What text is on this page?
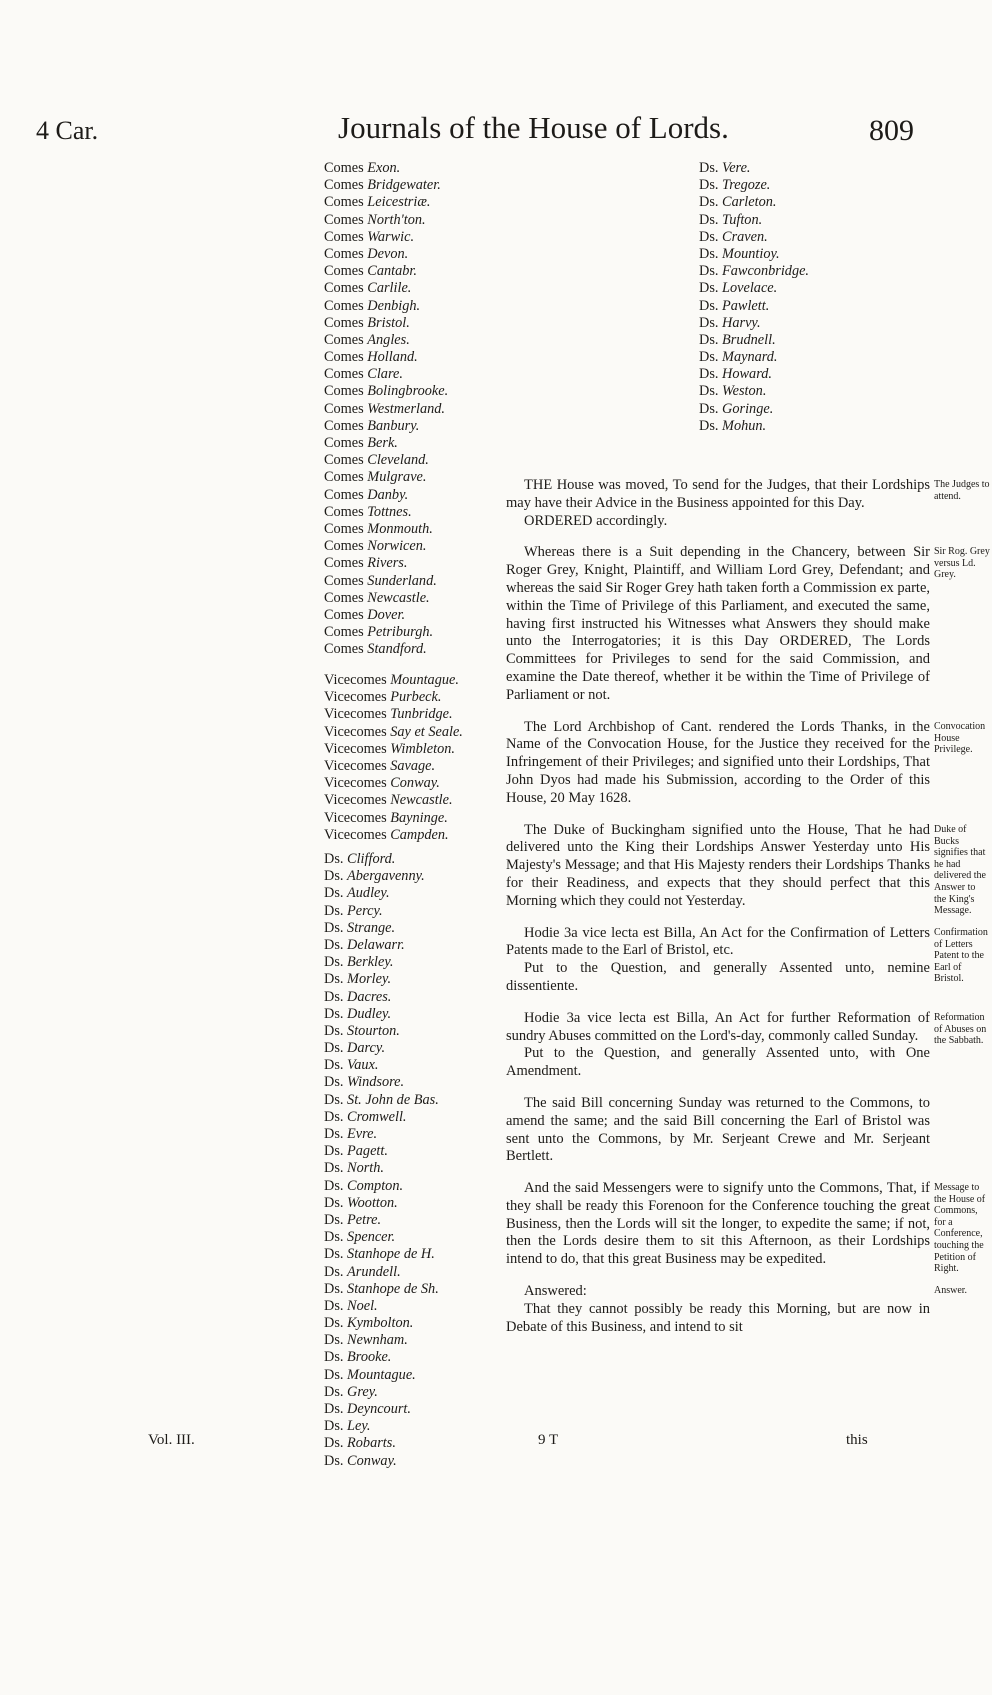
4 Car.	Journals of the House of Lords.	809
Comes Exon.
Comes Bridgewater.
Comes Leicestriæ.
Comes North'ton.
Comes Warwic.
Comes Devon.
Comes Cantabr.
Comes Carlile.
Comes Denbigh.
Comes Bristol.
Comes Angles.
Comes Holland.
Comes Clare.
Comes Bolingbrooke.
Comes Westmerland.
Comes Banbury.
Comes Berk.
Comes Cleveland.
Comes Mulgrave.
Comes Danby.
Comes Tottnes.
Comes Monmouth.
Comes Norwicen.
Comes Rivers.
Comes Sunderland.
Comes Newcastle.
Comes Dover.
Comes Petriburgh.
Comes Standford.
Vicecomes Mountague.
Vicecomes Purbeck.
Vicecomes Tunbridge.
Vicecomes Say et Seale.
Vicecomes Wimbleton.
Vicecomes Savage.
Vicecomes Conway.
Vicecomes Newcastle.
Vicecomes Bayninge.
Vicecomes Campden.
Ds. Clifford.
Ds. Abergavenny.
Ds. Audley.
Ds. Percy.
Ds. Strange.
Ds. Delawarr.
Ds. Berkley.
Ds. Morley.
Ds. Dacres.
Ds. Dudley.
Ds. Stourton.
Ds. Darcy.
Ds. Vaux.
Ds. Windsore.
Ds. St. John de Bas.
Ds. Cromwell.
Ds. Evre.
Ds. Pagett.
Ds. North.
Ds. Compton.
Ds. Wootton.
Ds. Petre.
Ds. Spencer.
Ds. Stanhope de H.
Ds. Arundell.
Ds. Stanhope de Sh.
Ds. Noel.
Ds. Kymbolton.
Ds. Newnham.
Ds. Brooke.
Ds. Mountague.
Ds. Grey.
Ds. Deyncourt.
Ds. Ley.
Ds. Robarts.
Ds. Conway.
Ds. Vere.
Ds. Tregoze.
Ds. Carleton.
Ds. Tufton.
Ds. Craven.
Ds. Mountioy.
Ds. Fawconbridge.
Ds. Lovelace.
Ds. Pawlett.
Ds. Harvy.
Ds. Brudnell.
Ds. Maynard.
Ds. Howard.
Ds. Weston.
Ds. Goringe.
Ds. Mohun.

THE House was moved, To send for the Judges, that their Lordships may have their Advice in the Business appointed for this Day.

ORDERED accordingly.

Whereas there is a Suit depending in the Chancery, between Sir Roger Grey, Knight, Plaintiff, and William Lord Grey, Defendant; and whereas the said Sir Roger Grey hath taken forth a Commission ex parte, within the Time of Privilege of this Parliament, and executed the same, having first instructed his Witnesses what Answers they should make unto the Interrogatories; it is this Day ORDERED, The Lords Committees for Privileges to send for the said Commission, and examine the Date thereof, whether it be within the Time of Privilege of Parliament or not.

The Lord Archbishop of Cant. rendered the Lords Thanks, in the Name of the Convocation House, for the Justice they received for the Infringement of their Privileges; and signified unto their Lordships, That John Dyos had made his Submission, according to the Order of this House, 20 May 1628.

The Duke of Buckingham signified unto the House, That he had delivered unto the King their Lordships Answer Yesterday unto His Majesty's Message; and that His Majesty renders their Lordships Thanks for their Readiness, and expects that they should perfect that this Morning which they could not Yesterday.

Hodie 3a vice lecta est Billa, An Act for the Confirmation of Letters Patents made to the Earl of Bristol, etc.

Put to the Question, and generally Assented unto, nemine dissentiente.

Hodie 3a vice lecta est Billa, An Act for further Reformation of sundry Abuses committed on the Lord's-day, commonly called Sunday.

Put to the Question, and generally Assented unto, with One Amendment.

The said Bill concerning Sunday was returned to the Commons, to amend the same; and the said Bill concerning the Earl of Bristol was sent unto the Commons, by Mr. Serjeant Crewe and Mr. Serjeant Bertlett.

And the said Messengers were to signify unto the Commons, That, if they shall be ready this Forenoon for the Conference touching the great Business, then the Lords will sit the longer, to expedite the same; if not, then the Lords desire them to sit this Afternoon, as their Lordships intend to do, that this great Business may be expedited.

Answered:

That they cannot possibly be ready this Morning, but are now in Debate of this Business, and intend to sit

The Judges to attend.
Sir Rog. Grey versus Ld. Grey.
Convocation House Privilege.
Duke of Bucks signifies that he had delivered the Answer to the King's Message.
Confirmation of Letters Patent to the Earl of Bristol.
Reformation of Abuses on the Sabbath.
Message to the House of Commons, for a Conference, touching the Petition of Right.
Answer.
Vol. III.	9 T	this
